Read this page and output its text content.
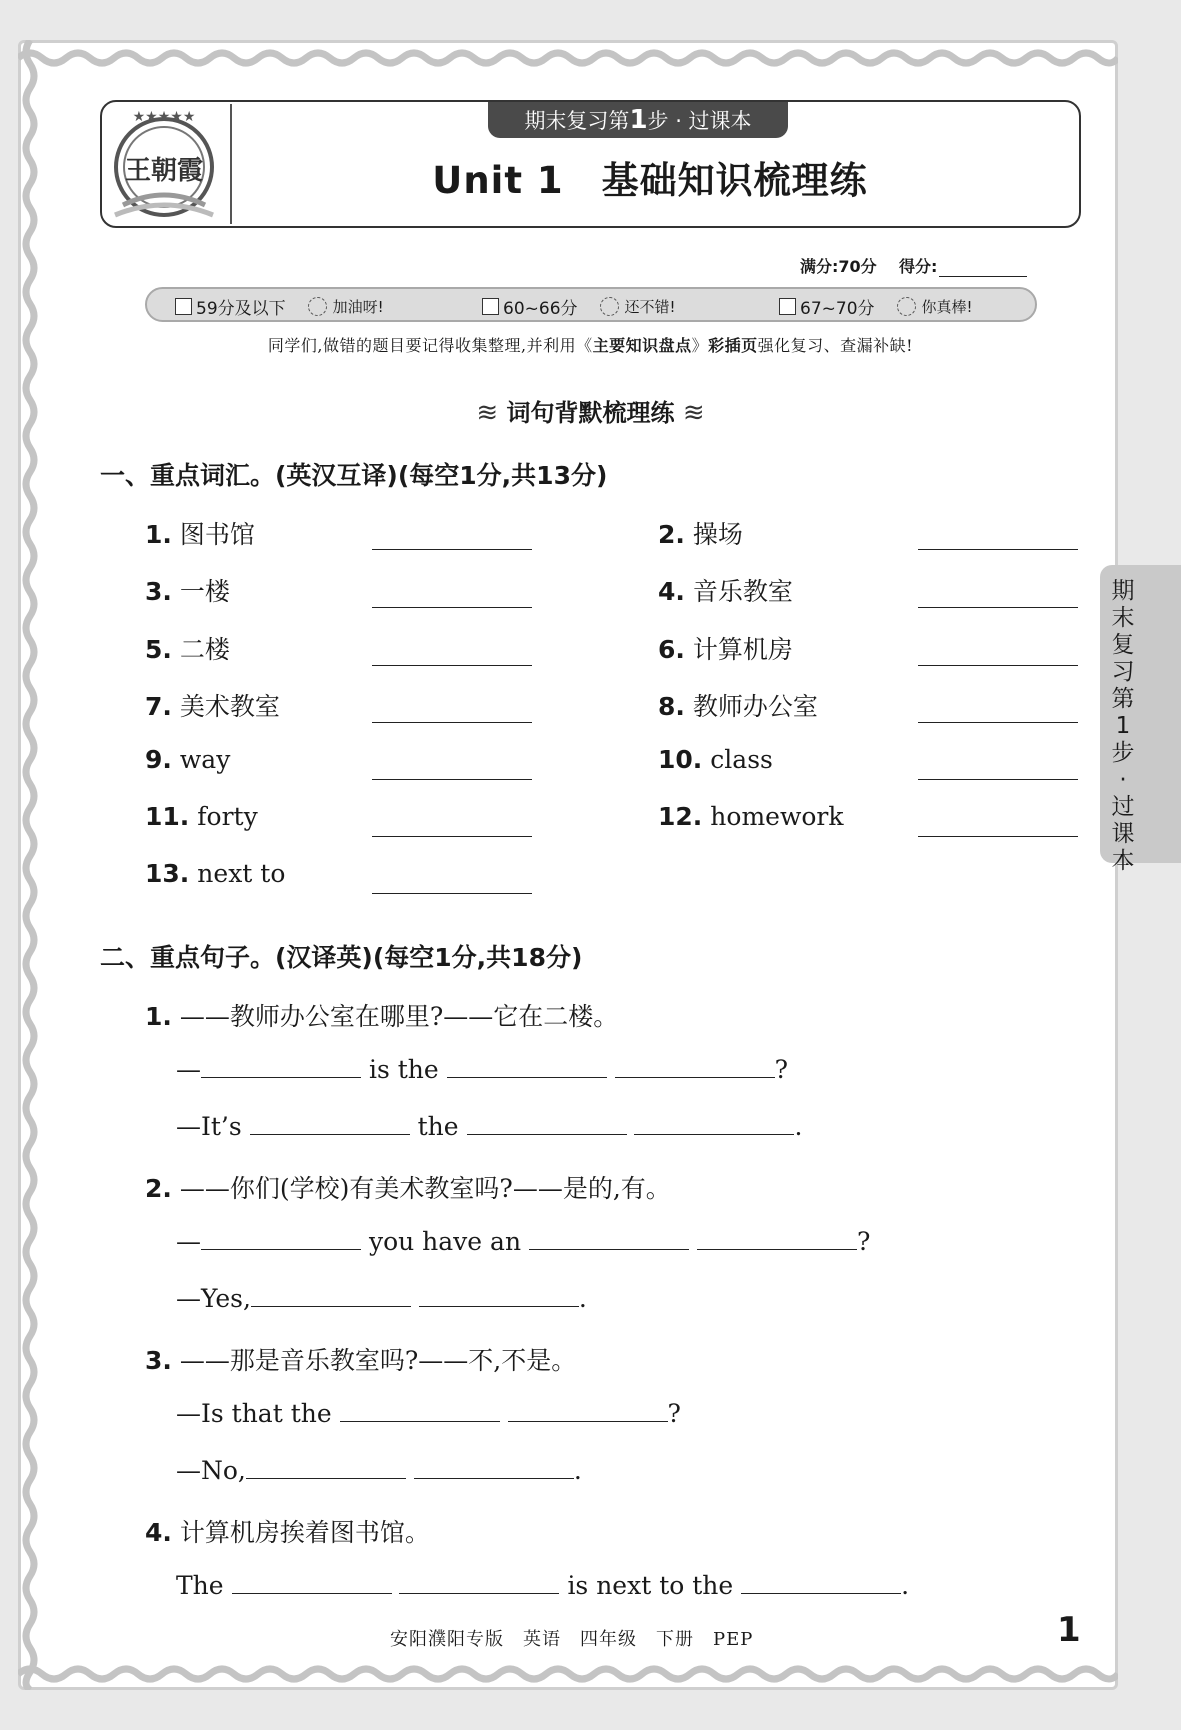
★★★★★
王朝霞
期末复习第1步 · 过课本
Unit 1　基础知识梳理练
满分:70分 得分:
59分及以下	加油呀!	60~66分	还不错!	67~70分	你真棒!
同学们,做错的题目要记得收集整理,并利用《主要知识盘点》彩插页强化复习、查漏补缺!
≋ 词句背默梳理练 ≋
一、重点词汇。(英汉互译)(每空1分,共13分)
1. 图书馆	2. 操场
3. 一楼	4. 音乐教室
5. 二楼	6. 计算机房
7. 美术教室	8. 教师办公室
9. way	10. class
11. forty	12. homework
13. next to
二、重点句子。(汉译英)(每空1分,共18分)
1. ——教师办公室在哪里?——它在二楼。
—	is the	?
—It’s	the	.
2. ——你们(学校)有美术教室吗?——是的,有。
—	you have an	?
—Yes,	.
3. ——那是音乐教室吗?——不,不是。
—Is that the	?
—No,	.
4. 计算机房挨着图书馆。
The	is next to the	.
期末复习第1步·过课本
安阳濮阳专版　英语　四年级　下册　PEP	1
